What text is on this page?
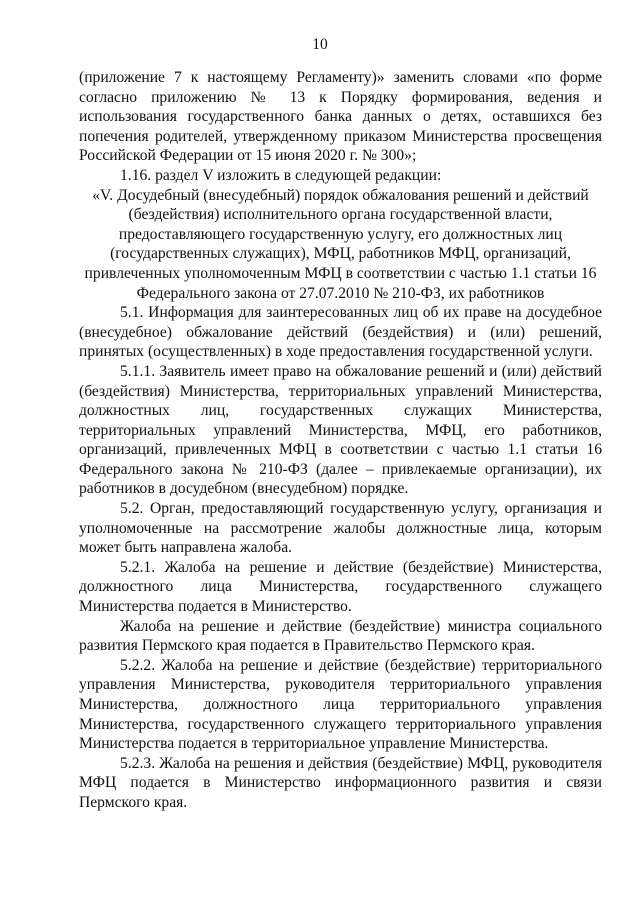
10

(приложение 7 к настоящему Регламенту)» заменить словами «по форме согласно приложению № 13 к Порядку формирования, ведения и использования государственного банка данных о детях, оставшихся без попечения родителей, утвержденному приказом Министерства просвещения Российской Федерации от 15 июня 2020 г. № 300»;

1.16. раздел V изложить в следующей редакции:

«V. Досудебный (внесудебный) порядок обжалования решений и действий (бездействия) исполнительного органа государственной власти, предоставляющего государственную услугу, его должностных лиц (государственных служащих), МФЦ, работников МФЦ, организаций, привлеченных уполномоченным МФЦ в соответствии с частью 1.1 статьи 16 Федерального закона от 27.07.2010 № 210-ФЗ, их работников

5.1. Информация для заинтересованных лиц об их праве на досудебное (внесудебное) обжалование действий (бездействия) и (или) решений, принятых (осуществленных) в ходе предоставления государственной услуги.

5.1.1. Заявитель имеет право на обжалование решений и (или) действий (бездействия) Министерства, территориальных управлений Министерства, должностных лиц, государственных служащих Министерства, территориальных управлений Министерства, МФЦ, его работников, организаций, привлеченных МФЦ в соответствии с частью 1.1 статьи 16 Федерального закона № 210-ФЗ (далее – привлекаемые организации), их работников в досудебном (внесудебном) порядке.

5.2. Орган, предоставляющий государственную услугу, организация и уполномоченные на рассмотрение жалобы должностные лица, которым может быть направлена жалоба.

5.2.1. Жалоба на решение и действие (бездействие) Министерства, должностного лица Министерства, государственного служащего Министерства подается в Министерство.

Жалоба на решение и действие (бездействие) министра социального развития Пермского края подается в Правительство Пермского края.

5.2.2. Жалоба на решение и действие (бездействие) территориального управления Министерства, руководителя территориального управления Министерства, должностного лица территориального управления Министерства, государственного служащего территориального управления Министерства подается в территориальное управление Министерства.

5.2.3. Жалоба на решения и действия (бездействие) МФЦ, руководителя МФЦ подается в Министерство информационного развития и связи Пермского края.
